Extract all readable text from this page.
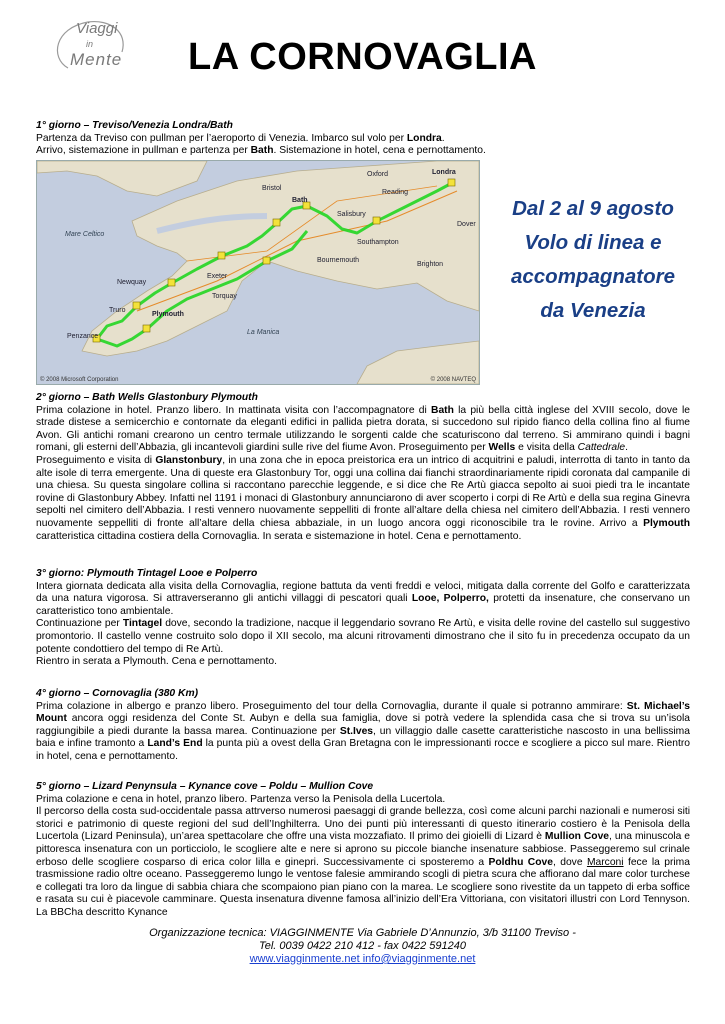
Viaggi
in
Mente	LA CORNOVAGLIA

1° giorno – Treviso/Venezia Londra/Bath

Partenza da Treviso con pullman per l’aeroporto di Venezia. Imbarco sul volo per Londra.

Arrivo, sistemazione in pullman e partenza per Bath. Sistemazione in hotel, cena e pernottamento.

Londra
Bath
Plymouth
Exeter
Torquay
Newquay
Penzance
Truro
Bristol
Southampton
Brighton
Salisbury
Bournemouth
Mare Celtico
La Manica
Dover
Reading
Oxford
© 2008 Microsoft Corporation	© 2008 NAVTEQ
Dal 2 al 9 agosto
Volo di linea e
accompagnatore
da Venezia

2° giorno – Bath Wells Glastonbury Plymouth

Prima colazione in hotel. Pranzo libero. In mattinata visita con l’accompagnatore di Bath la più bella città inglese del XVIII secolo, dove le strade distese a semicerchio e contornate da eleganti edifici in pallida pietra dorata, si succedono sul ripido fianco della collina fino al fiume Avon. Gli antichi romani crearono un centro termale utilizzando le sorgenti calde che scaturiscono dal terreno. Si ammirano quindi i bagni romani, gli esterni dell’Abbazia, gli incantevoli giardini sulle rive del fiume Avon. Proseguimento per Wells e visita della Cattedrale.

Proseguimento e visita di Glanstonbury, in una zona che in epoca preistorica era un intrico di acquitrini e paludi, interrotta di tanto in tanto da alte isole di terra emergente. Una di queste era Glastonbury Tor, oggi una collina dai fianchi straordinariamente ripidi coronata dal campanile di una chiesa. Su questa singolare collina si raccontano parecchie leggende, e si dice che Re Artù giacca sepolto ai suoi piedi tra le incantate rovine di Glastonbury Abbey. Infatti nel 1191 i monaci di Glastonbury annunciarono di aver scoperto i corpi di Re Artù e della sua regina Ginevra sepolti nel cimitero dell’Abbazia. I resti vennero nuovamente seppelliti di fronte all’altare della chiesa nel cimitero dell’Abbazia. I resti vennero nuovamente seppelliti di fronte all’altare della chiesa abbaziale, in un luogo ancora oggi riconoscibile tra le rovine. Arrivo a Plymouth caratteristica cittadina costiera della Cornovaglia. In serata e sistemazione in hotel. Cena e pernottamento.

3° giorno: Plymouth Tintagel Looe e Polperro

Intera giornata dedicata alla visita della Cornovaglia, regione battuta da venti freddi e veloci, mitigata dalla corrente del Golfo e caratterizzata da una natura vigorosa. Si attraverseranno gli antichi villaggi di pescatori quali Looe, Polperro, protetti da insenature, che conservano un caratteristico tono ambientale.

Continuazione per Tintagel dove, secondo la tradizione, nacque il leggendario sovrano Re Artù, e visita delle rovine del castello sul suggestivo promontorio. Il castello venne costruito solo dopo il XII secolo, ma alcuni ritrovamenti dimostrano che il sito fu in precedenza occupato da un potente condottiero del tempo di Re Artù.

Rientro in serata a Plymouth. Cena e pernottamento.

4° giorno – Cornovaglia (380 Km)

Prima colazione in albergo e pranzo libero. Proseguimento del tour della Cornovaglia, durante il quale si potranno ammirare: St. Michael’s Mount ancora oggi residenza del Conte St. Aubyn e della sua famiglia, dove si potrà vedere la splendida casa che si trova su un’isola raggiungibile a piedi durante la bassa marea. Continuazione per St.Ives, un villaggio dalle casette caratteristiche nascosto in una bellissima baia e infine tramonto a Land’s End la punta più a ovest della Gran Bretagna con le impressionanti rocce e scogliere a picco sul mare. Rientro in hotel, cena e pernottamento.

5° giorno – Lizard Penynsula – Kynance cove – Poldu – Mullion Cove

Prima colazione e cena in hotel, pranzo libero. Partenza verso la Penisola della Lucertola.

Il percorso della costa sud-occidentale passa attrverso numerosi paesaggi di grande bellezza, così come alcuni parchi nazionali e numerosi siti storici e patrimonio di queste regioni del sud dell’Inghilterra. Uno dei punti più interessanti di questo itinerario costiero è la Penisola della Lucertola (Lizard Peninsula), un’area spettacolare che offre una vista mozzafiato. Il primo dei gioielli di Lizard è Mullion Cove, una minuscola e pittoresca insenatura con un porticciolo, le scogliere alte e nere si aprono su piccole bianche insenature sabbiose. Passeggeremo sul crinale erboso delle scogliere cosparso di erica color lilla e ginepri. Successivamente ci sposteremo a Poldhu Cove, dove Marconi fece la prima trasmissione radio oltre oceano. Passeggeremo lungo le ventose falesie ammirando scogli di pietra scura che affiorano dal mare color turchese e collegati tra loro da lingue di sabbia chiara che scompaiono pian piano con la marea. Le scogliere sono rivestite da un tappeto di erba soffice e rasata su cui è piacevole camminare. Questa insenatura divenne famosa all’inizio dell’Era Vittoriana, con visitatori illustri con Lord Tennyson. La BBCha descritto Kynance

Organizzazione tecnica: VIAGGINMENTE Via Gabriele D’Annunzio, 3/b 31100 Treviso -
Tel. 0039 0422 210 412 - fax 0422 591240
www.viagginmente.net info@viagginmente.net
